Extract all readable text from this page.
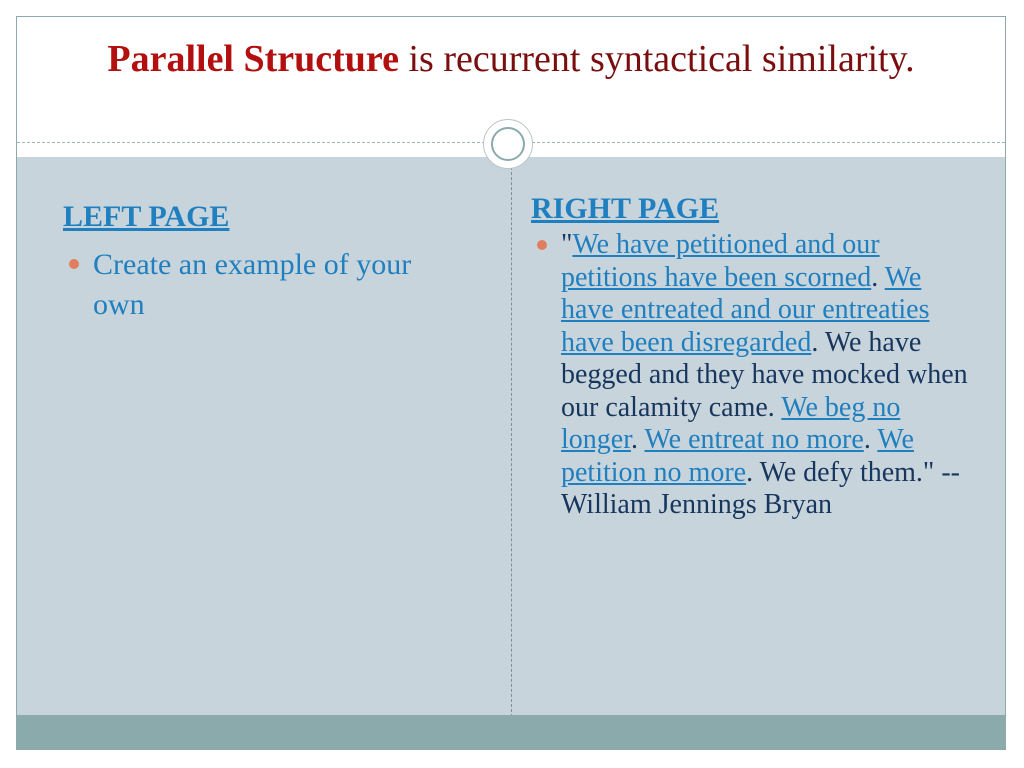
Parallel Structure is recurrent syntactical similarity.
LEFT PAGE
Create an example of your own
RIGHT PAGE
"We have petitioned and our petitions have been scorned. We have entreated and our entreaties have been disregarded. We have begged and they have mocked when our calamity came. We beg no longer. We entreat no more. We petition no more. We defy them." -- William Jennings Bryan
